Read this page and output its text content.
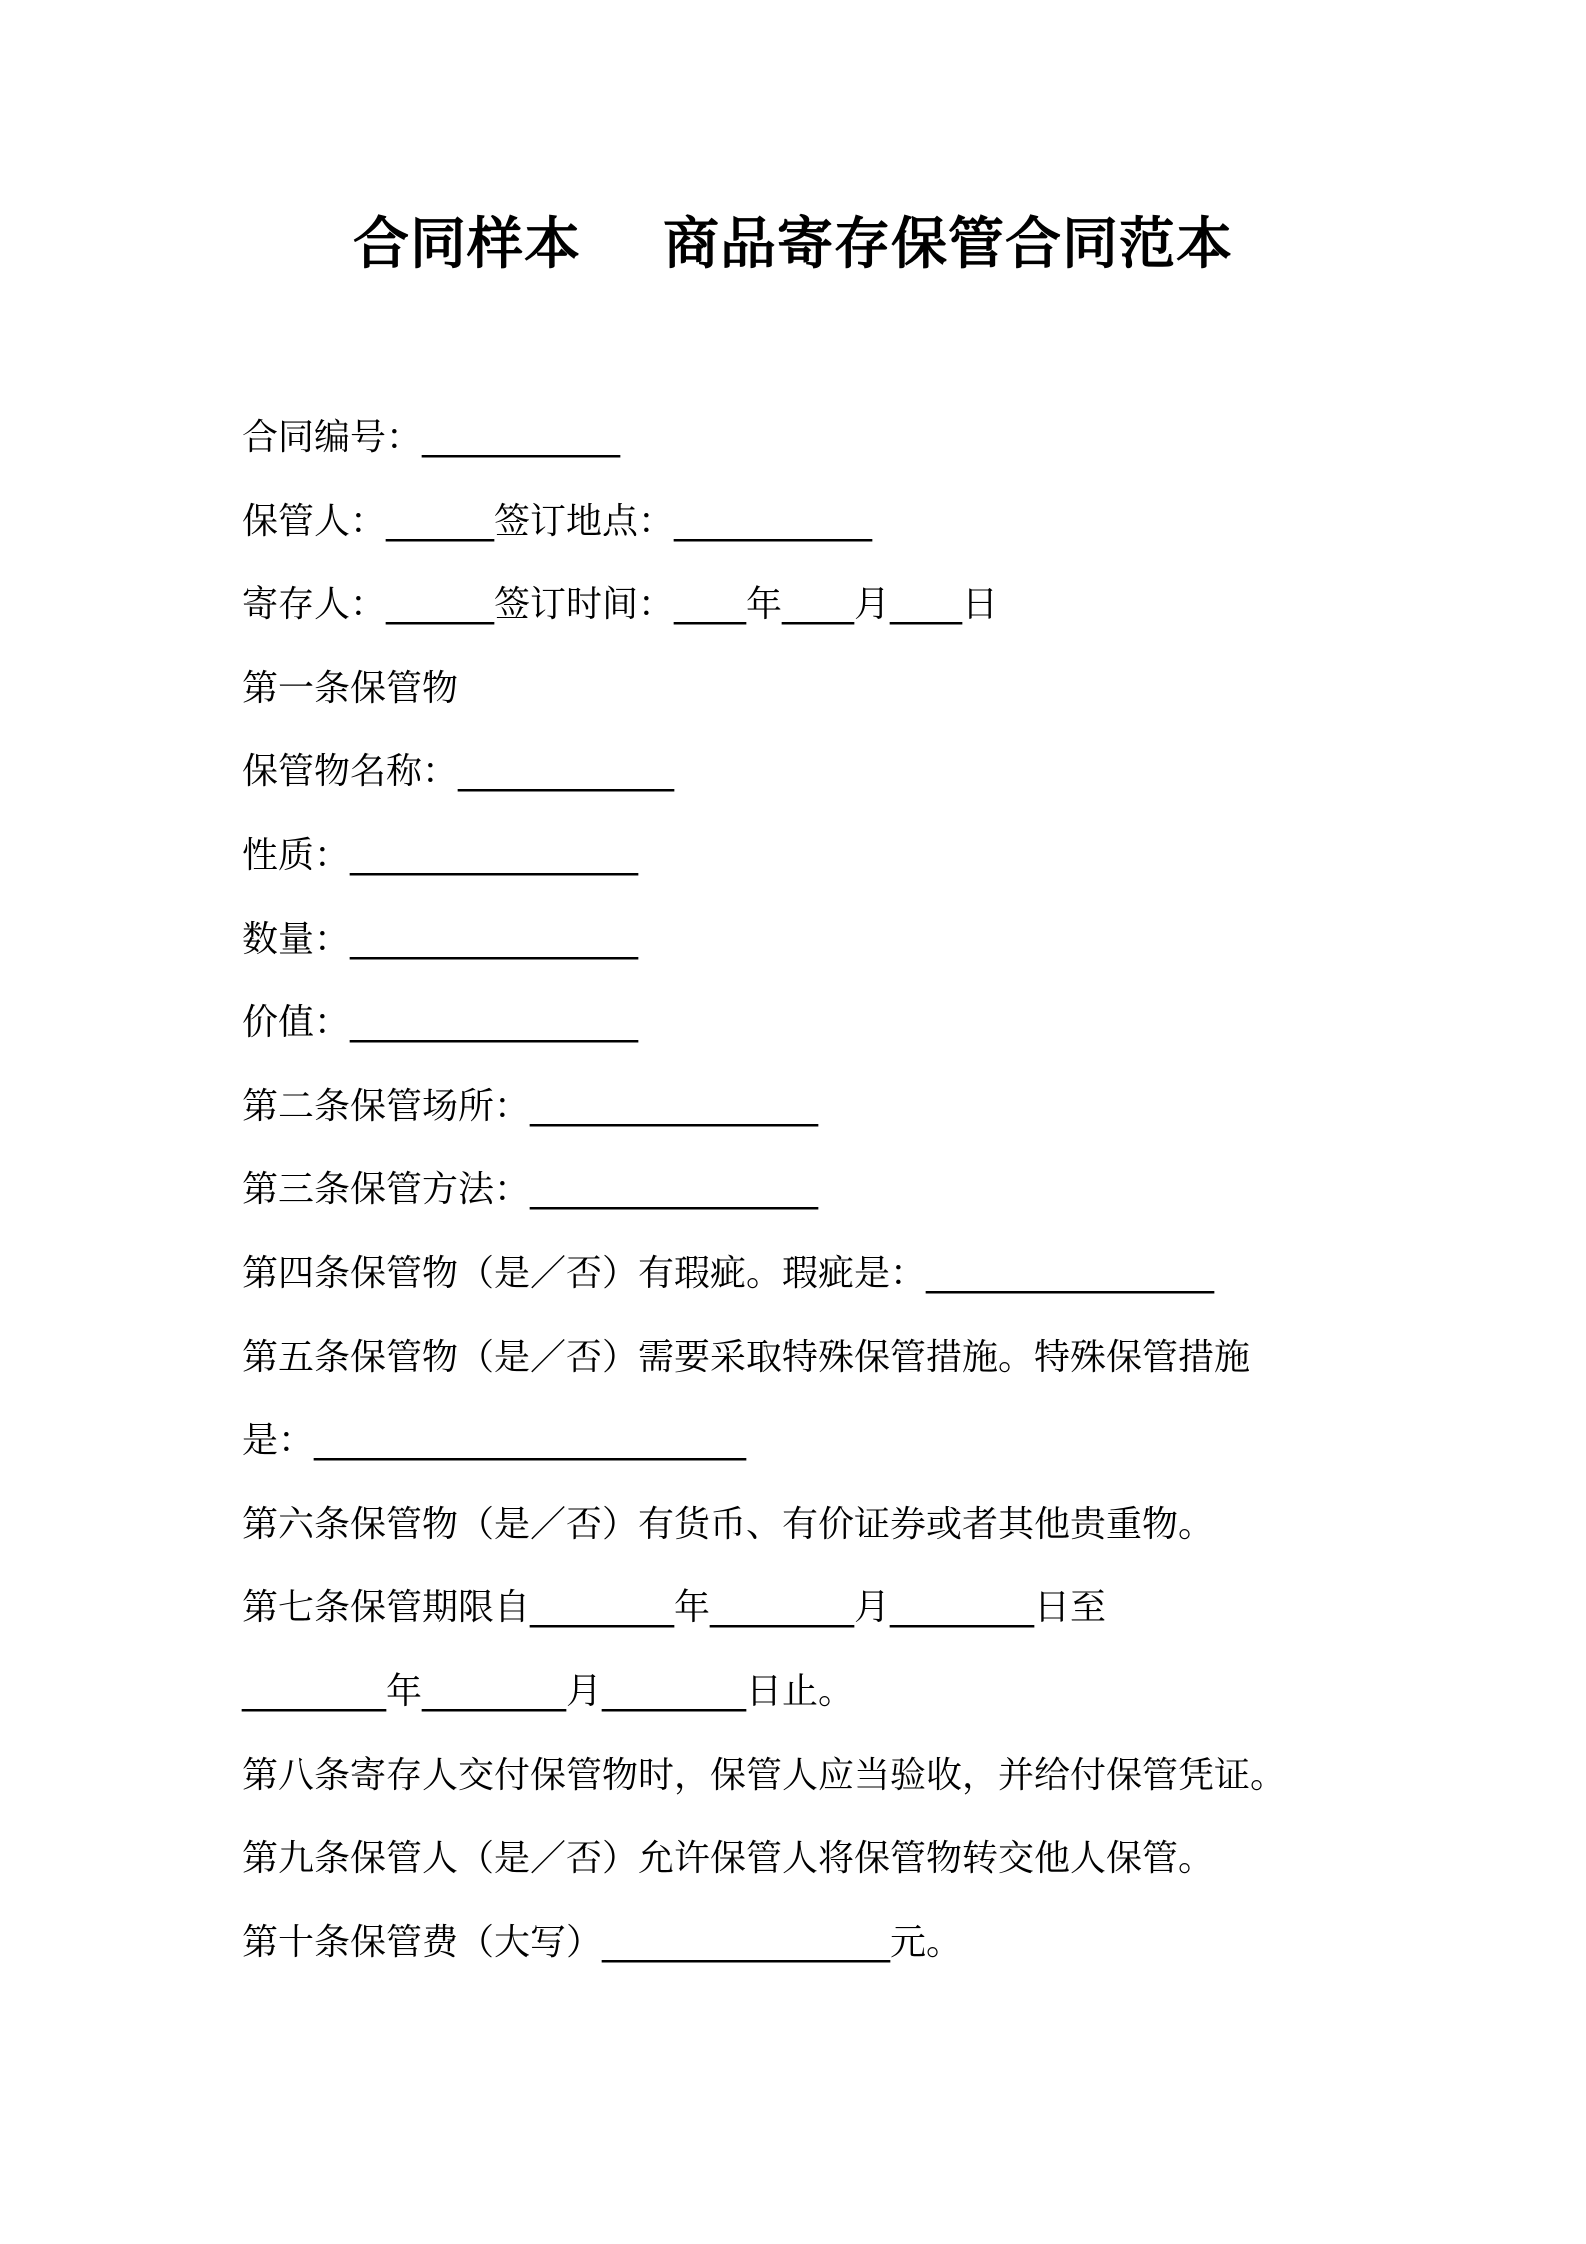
合同样本    商品寄存保管合同范本
合同编号：___________
保管人：______签订地点：___________
寄存人：______签订时间：____年____月____日
第一条保管物
保管物名称：____________
性质：________________
数量：________________
价值：________________
第二条保管场所：________________
第三条保管方法：________________
第四条保管物（是／否）有瑕疵。瑕疵是：________________
第五条保管物（是／否）需要采取特殊保管措施。特殊保管措施
是：________________________
第六条保管物（是／否）有货币、有价证券或者其他贵重物。
第七条保管期限自________年________月________日至
________年________月________日止。
第八条寄存人交付保管物时，保管人应当验收，并给付保管凭证。
第九条保管人（是／否）允许保管人将保管物转交他人保管。
第十条保管费（大写）________________元。
